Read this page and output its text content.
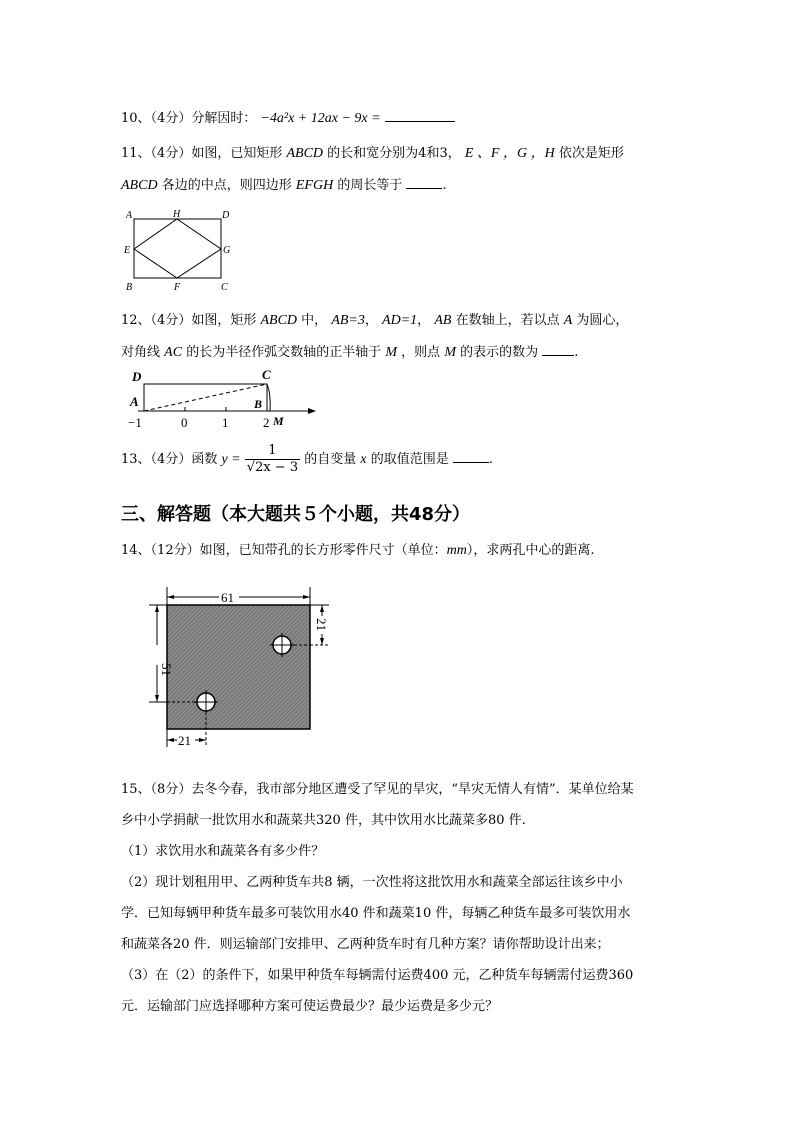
10、（4分）分解因时： −4a²x + 12ax − 9x =
11、（4分）如图，已知矩形 ABCD 的长和宽分别为4和3， E 、F ，G ，H 依次是矩形
ABCD 各边的中点，则四边形 EFGH 的周长等于	.
A	H	D
E	G
B	F	C
12、（4分）如图，矩形 ABCD 中， AB=3， AD=1， AB 在数轴上，若以点 A 为圆心，
对角线 AC 的长为半径作弧交数轴的正半轴于 M ，则点 M 的表示的数为	.
D	C
A	B
M
−1	0	1	2
13、（4分）函数 $y = \frac{1}{√2x - 3}$ 的自变量 x 的取值范围是	.
三、解答题（本大题共５个小题，共48分）
14、（12分）如图，已知带孔的长方形零件尺寸（单位：mm），求两孔中心的距离.
61
51
21
21
15、（8分）去冬今春，我市部分地区遭受了罕见的旱灾，“旱灾无情人有情”．某单位给某
乡中小学捐献一批饮用水和蔬菜共320 件，其中饮用水比蔬菜多80 件.
（1）求饮用水和蔬菜各有多少件？
（2）现计划租用甲、乙两种货车共8 辆，一次性将这批饮用水和蔬菜全部运往该乡中小
学．已知每辆甲种货车最多可装饮用水40 件和蔬菜10 件，每辆乙种货车最多可装饮用水
和蔬菜各20 件．则运输部门安排甲、乙两种货车时有几种方案？请你帮助设计出来；
（3）在（2）的条件下，如果甲种货车每辆需付运费400 元，乙种货车每辆需付运费360
元．运输部门应选择哪种方案可使运费最少？最少运费是多少元？
